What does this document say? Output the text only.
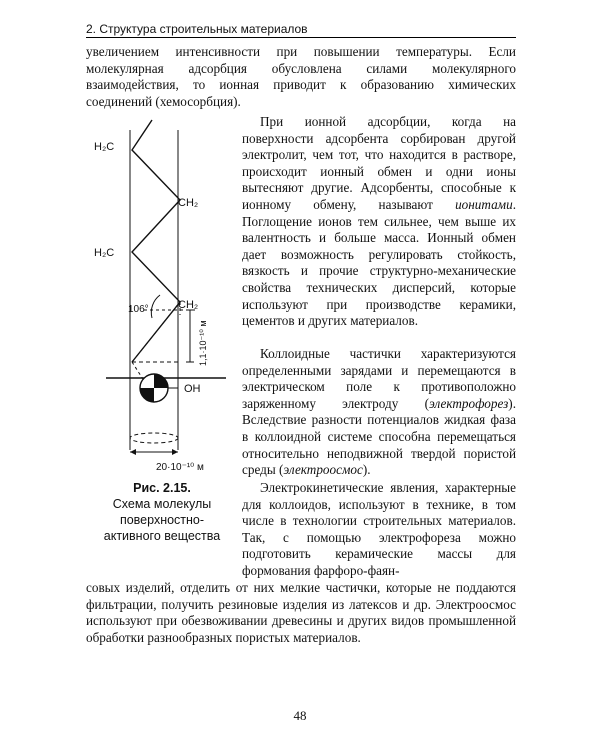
2. Структура строительных материалов

увеличением интенсивности при повышении температуры. Если молекулярная адсорбция обусловлена силами молекулярного взаимодействия, то ионная приводит к образованию химических соединений (хемосорбция).

H₂C
CH₂
H₂C
CH₂
106°
1,1·10⁻¹⁰ м
OH
20·10⁻¹⁰ м
Рис. 2.15.
Схема молекулы поверхностно-активного вещества

При ионной адсорбции, когда на поверхности адсорбента сорбирован другой электролит, чем тот, что находится в растворе, происходит ионный обмен и одни ионы вытесняют другие. Адсорбенты, способные к ионному обмену, называют ионитами. Поглощение ионов тем сильнее, чем выше их валентность и больше масса. Ионный обмен дает возможность регулировать стойкость, вязкость и прочие структурно-механические свойства технических дисперсий, которые используют при производстве керамики, цементов и других материалов.

Коллоидные частички характеризуются определенными зарядами и перемещаются в электрическом поле к противоположно заряженному электроду (электрофорез). Вследствие разности потенциалов жидкая фаза в коллоидной системе способна перемещаться относительно неподвижной твердой пористой среды (электроосмос).

Электрокинетические явления, характерные для коллоидов, используют в технике, в том числе в технологии строительных материалов. Так, с помощью электрофореза можно подготовить керамические массы для формования фарфоро-фаян-

совых изделий, отделить от них мелкие частички, которые не поддаются фильтрации, получить резиновые изделия из латексов и др. Электроосмос используют при обезвоживании древесины и других видов промышленной обработки разнообразных пористых материалов.

48
